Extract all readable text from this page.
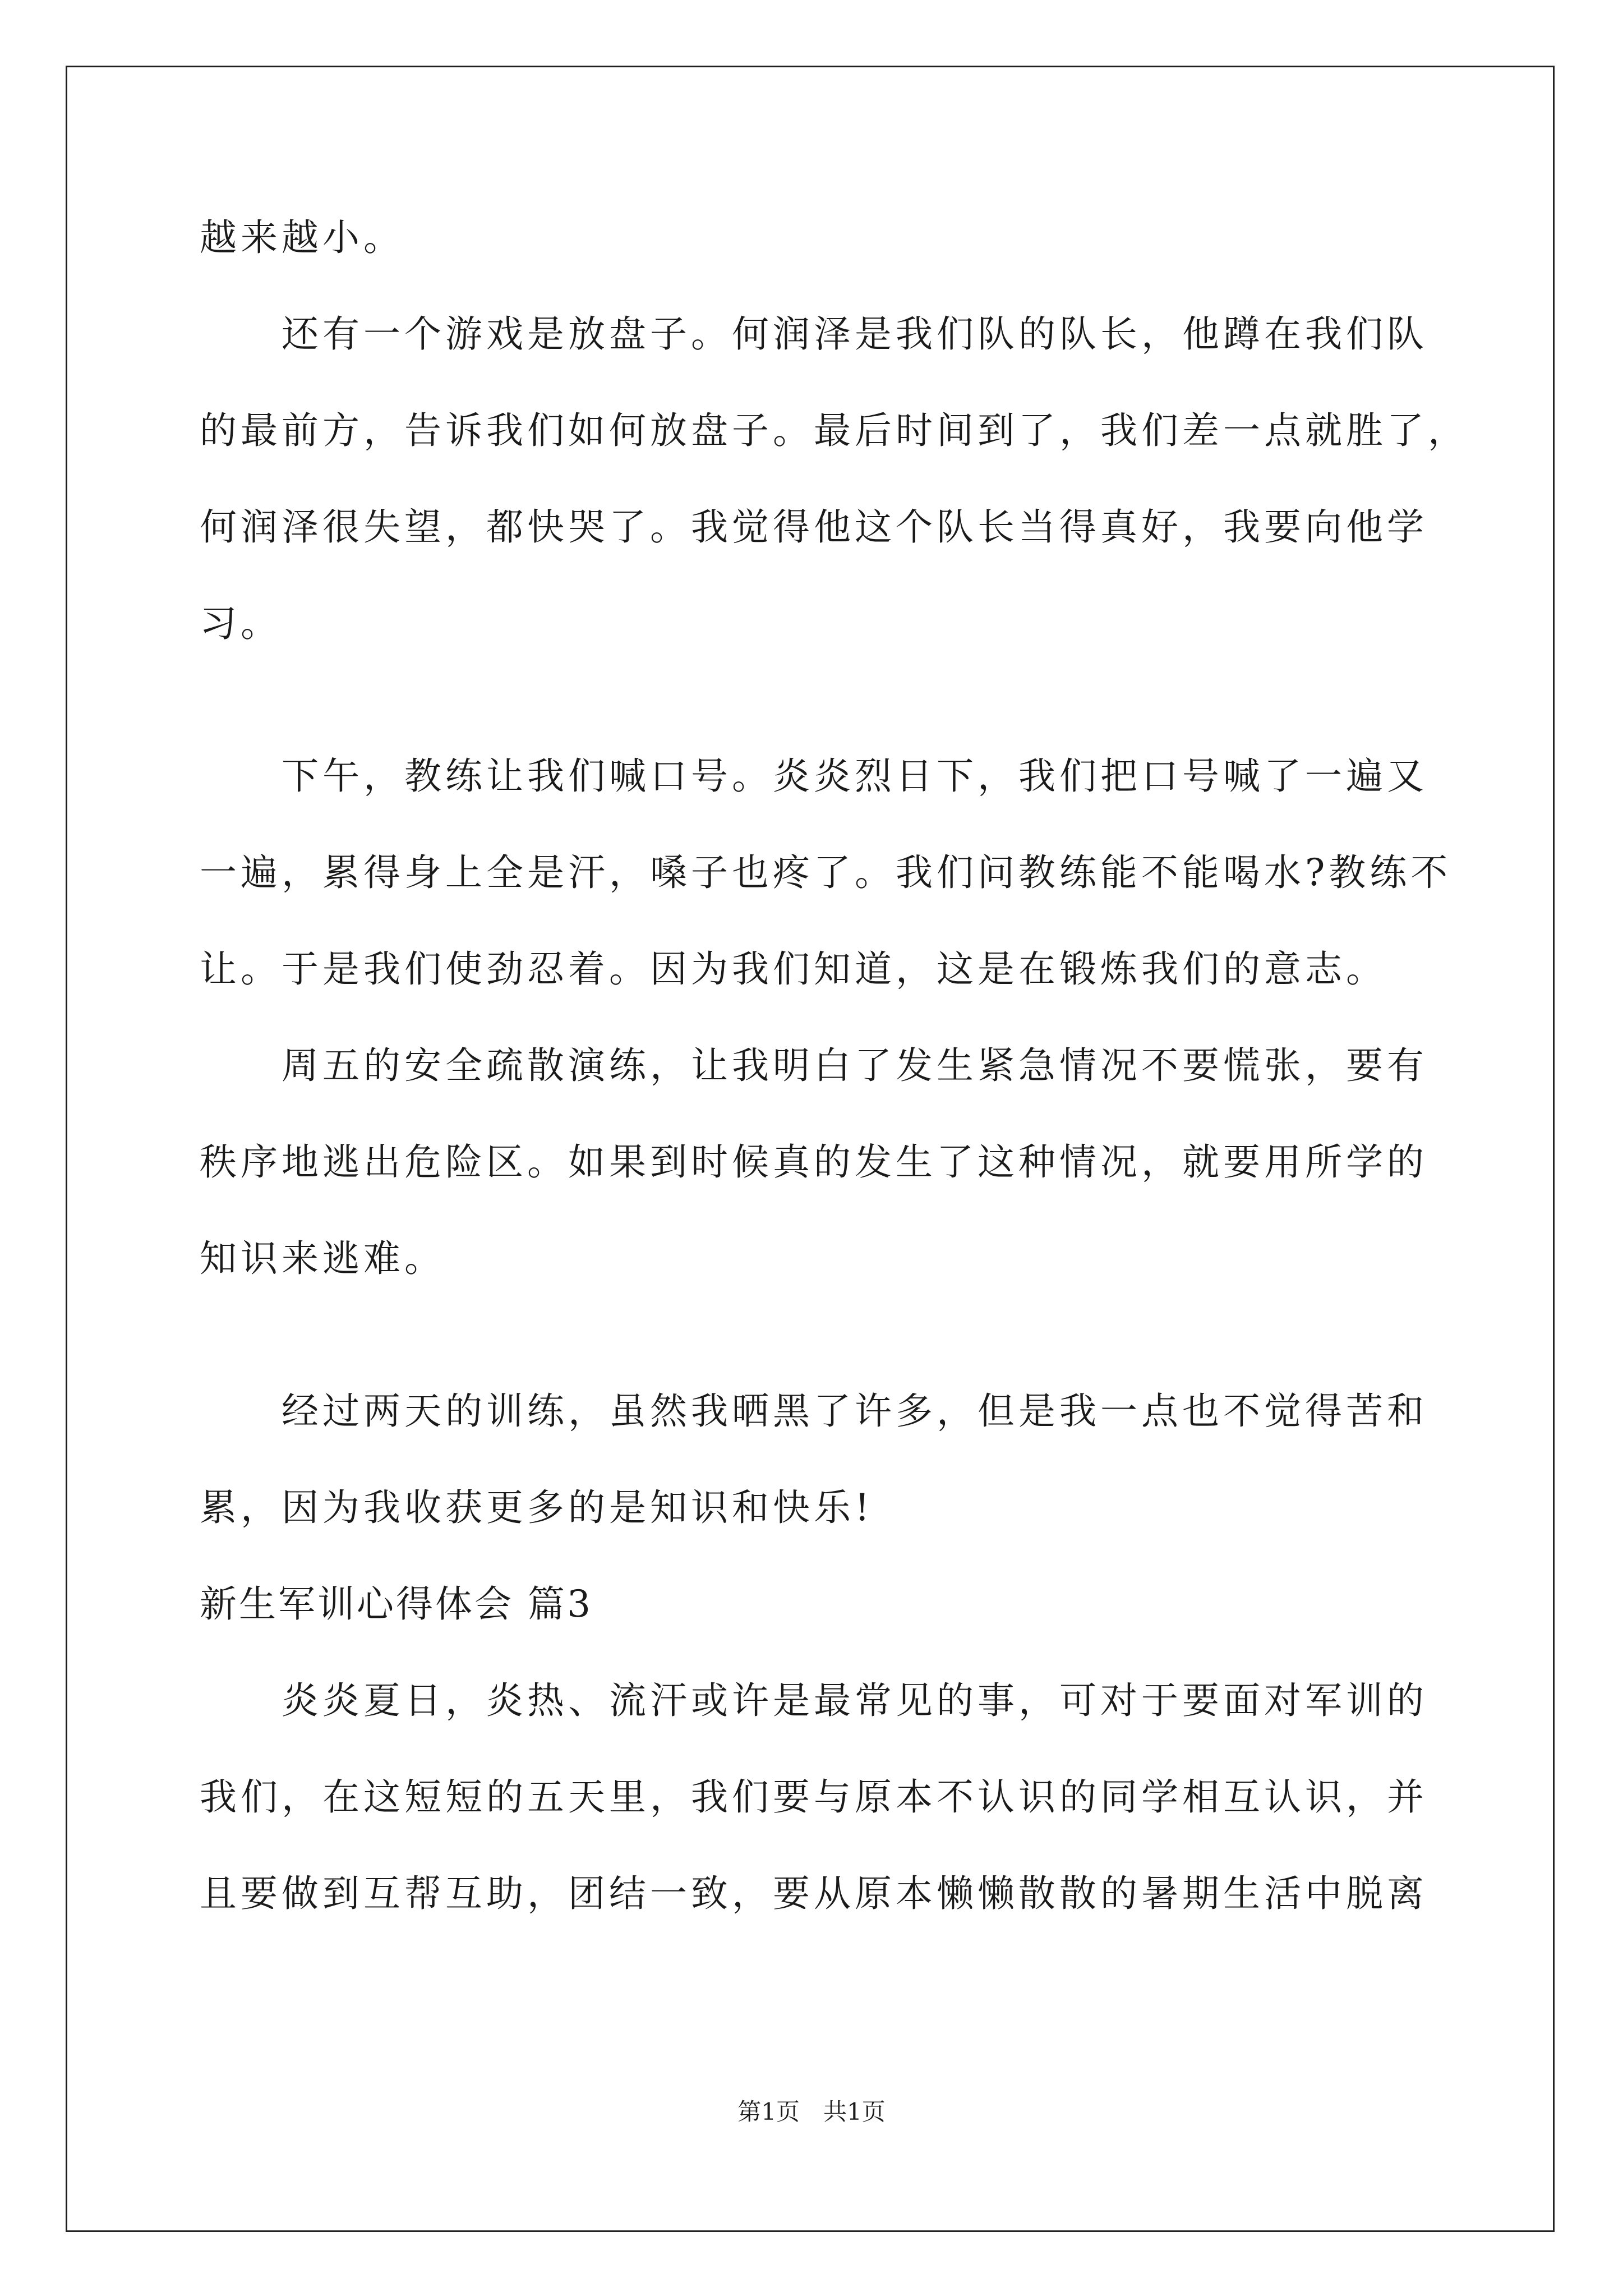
越来越小。

还有一个游戏是放盘子。何润泽是我们队的队长，他蹲在我们队

的最前方，告诉我们如何放盘子。最后时间到了，我们差一点就胜了，

何润泽很失望，都快哭了。我觉得他这个队长当得真好，我要向他学

习。

下午，教练让我们喊口号。炎炎烈日下，我们把口号喊了一遍又

一遍，累得身上全是汗，嗓子也疼了。我们问教练能不能喝水?教练不

让。于是我们使劲忍着。因为我们知道，这是在锻炼我们的意志。

周五的安全疏散演练，让我明白了发生紧急情况不要慌张，要有

秩序地逃出危险区。如果到时候真的发生了这种情况，就要用所学的

知识来逃难。

经过两天的训练，虽然我晒黑了许多，但是我一点也不觉得苦和

累，因为我收获更多的是知识和快乐!

新生军训心得体会 篇3

炎炎夏日，炎热、流汗或许是最常见的事，可对于要面对军训的

我们，在这短短的五天里，我们要与原本不认识的同学相互认识，并

且要做到互帮互助，团结一致，要从原本懒懒散散的暑期生活中脱离

第1页　共1页
